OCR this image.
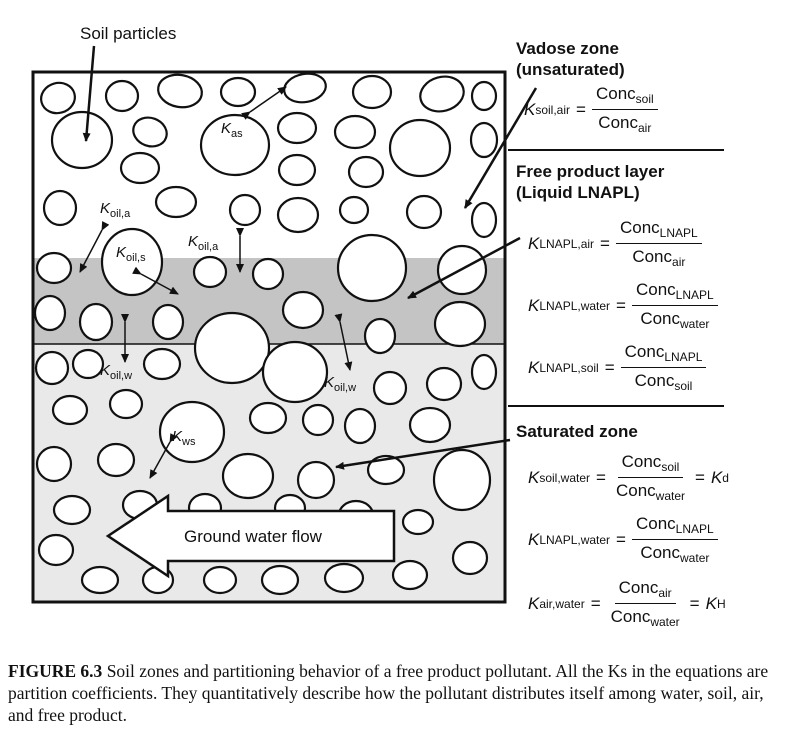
Soil particles
Ground water flow
$K_{as}$
$K_{oil,a}$
$K_{oil,s}$
$K_{oil,a}$
$K_{oil,w}$	$K_{oil,w}$
$K_{ws}$
Vadose zone
(unsaturated)
Free product layer
(Liquid LNAPL)
Saturated zone
K soil,air = $\frac{Conc_{soil}}{Conc_{air}}$
K LNAPL,air = $\frac{Conc_{LNAPL}}{Conc_{air}}$
K LNAPL,water = $\frac{Conc_{LNAPL}}{Conc_{water}}$
K LNAPL,soil = $\frac{Conc_{LNAPL}}{Conc_{soil}}$
K soil,water = $\frac{Conc_{soil}}{Conc_{water}} = K$ d
K LNAPL,water = $\frac{Conc_{LNAPL}}{Conc_{water}}$
K air,water = $\frac{Conc_{air}}{Conc_{water}} = K$ H
FIGURE 6.3 Soil zones and partitioning behavior of a free product pollutant. All the Ks in the equations are partition coefficients. They quantitatively describe how the pollutant distributes itself among water, soil, air, and free product.
